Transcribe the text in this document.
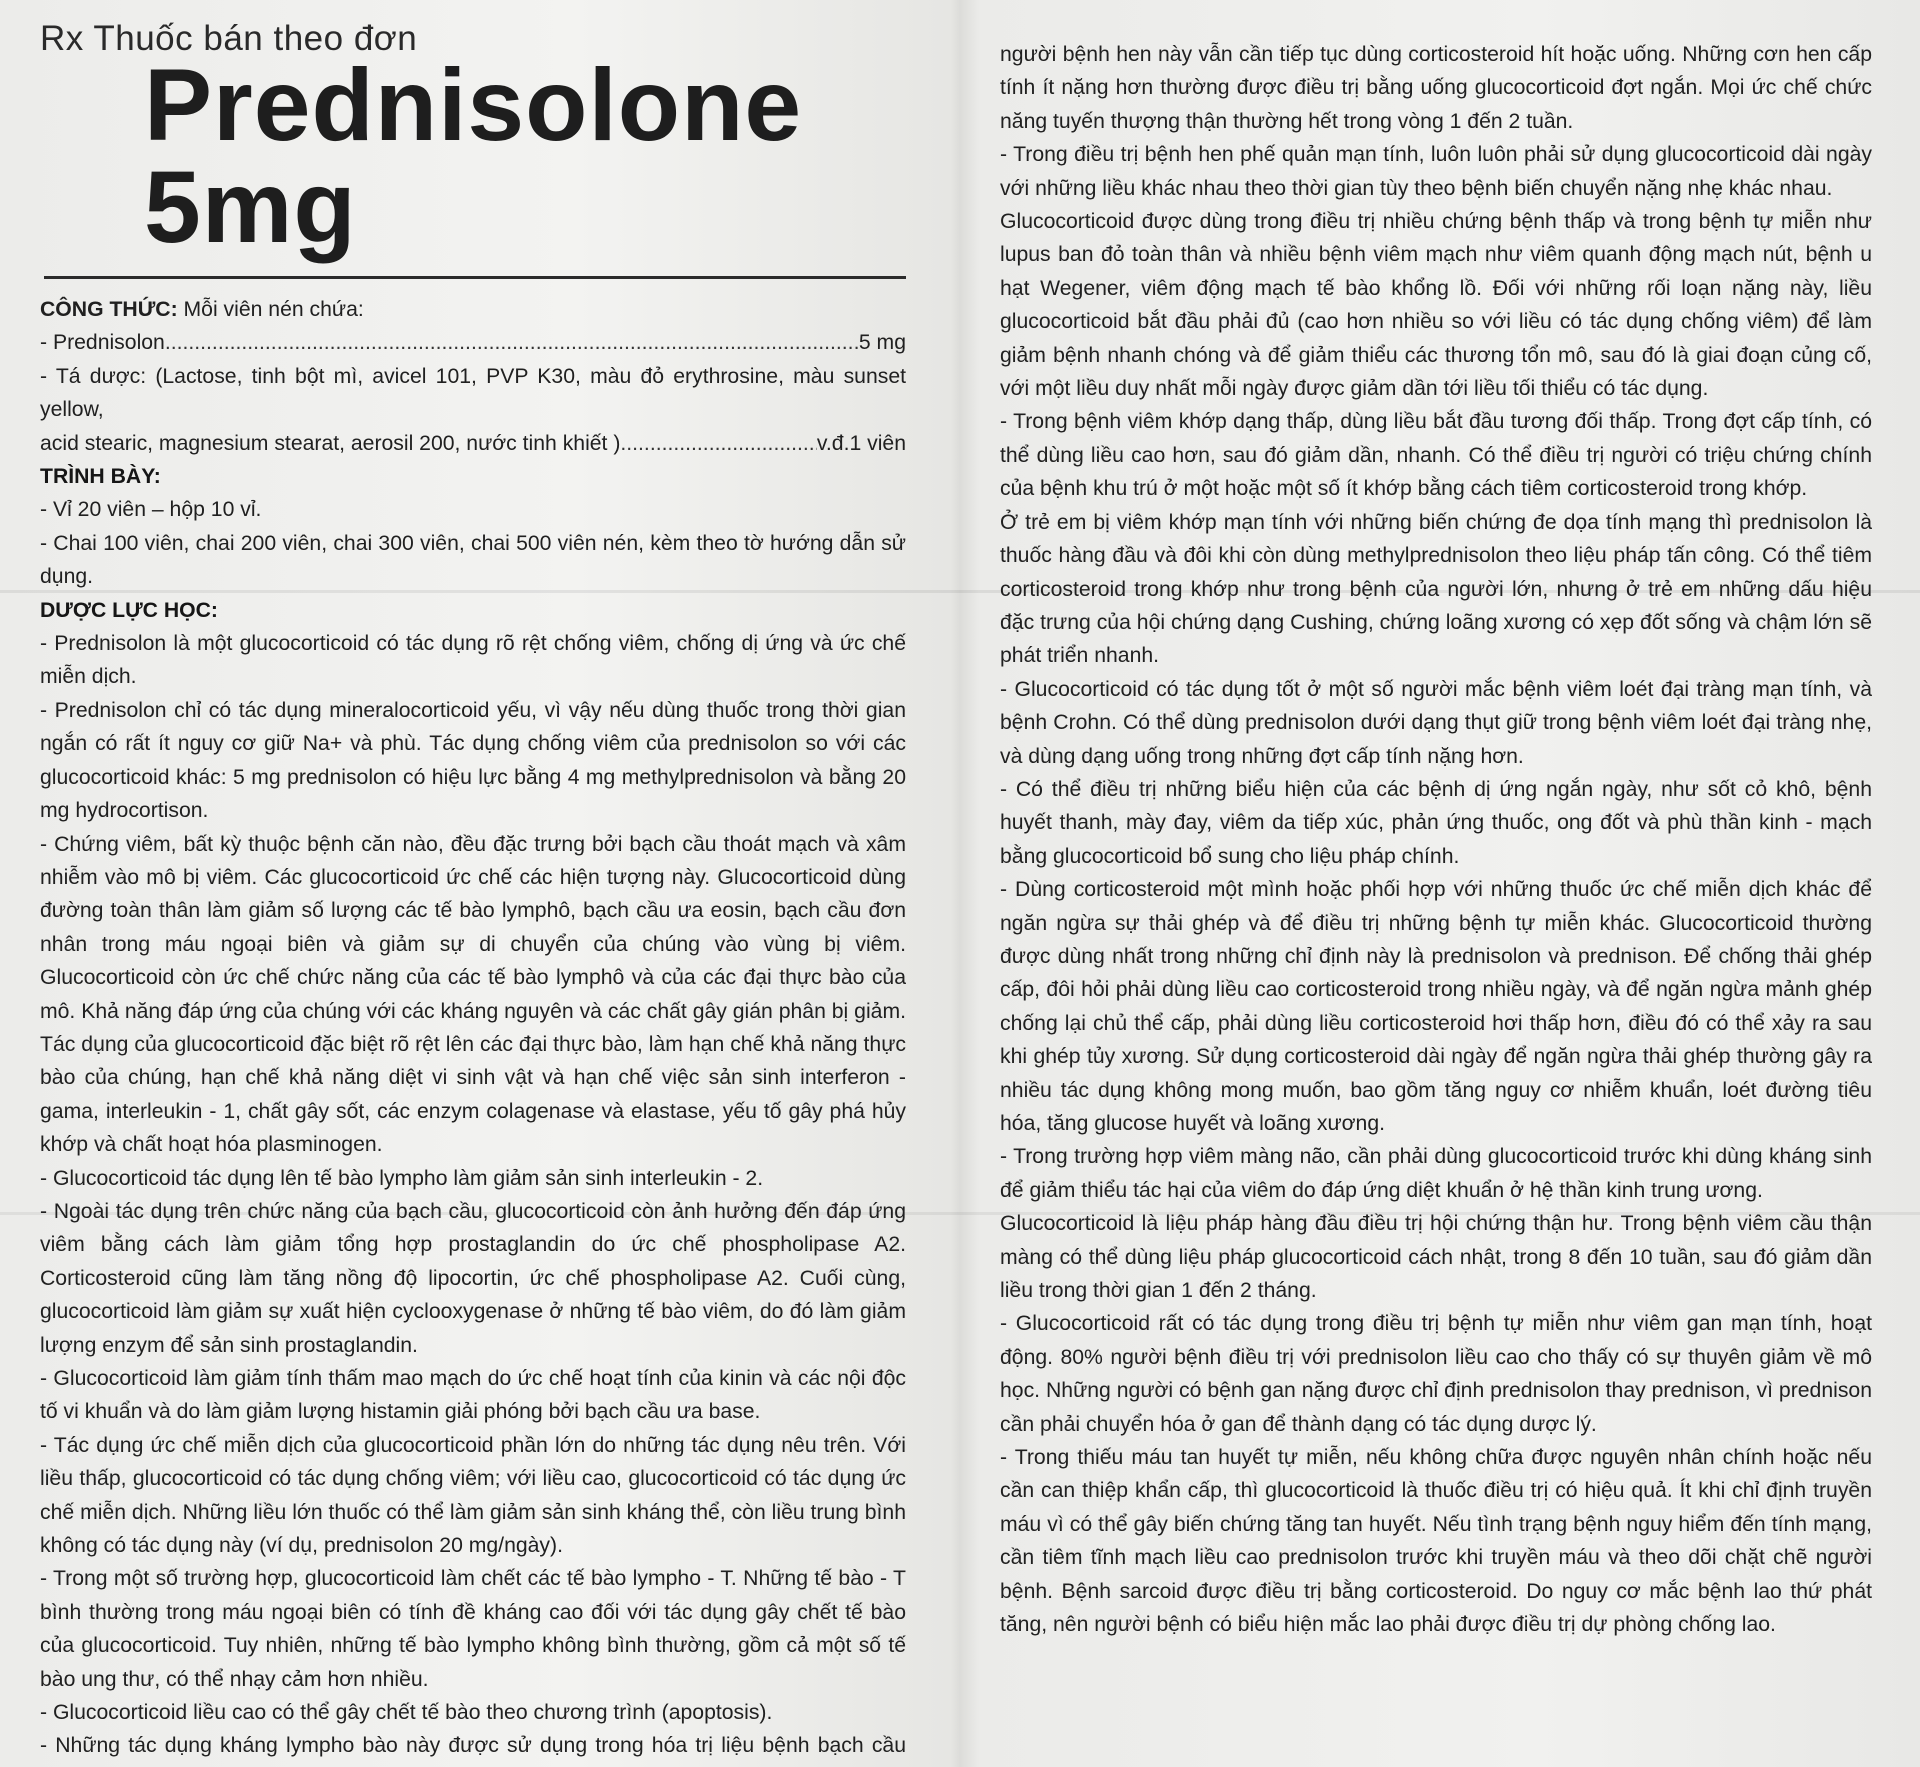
Rx Thuốc bán theo đơn
Prednisolone 5mg

CÔNG THỨC: Mỗi viên nén chứa:

- Prednisolon .....	5 mg

- Tá dược: (Lactose, tinh bột mì, avicel 101, PVP K30, màu đỏ erythrosine, màu sunset yellow,

acid stearic, magnesium stearat, aerosil 200, nước tinh khiết ) .....	v.đ.1 viên

TRÌNH BÀY:

- Vỉ 20 viên – hộp 10 vỉ.

- Chai 100 viên, chai 200 viên, chai 300 viên, chai 500 viên nén, kèm theo tờ hướng dẫn sử dụng.

DƯỢC LỰC HỌC:

- Prednisolon là một glucocorticoid có tác dụng rõ rệt chống viêm, chống dị ứng và ức chế miễn dịch.

- Prednisolon chỉ có tác dụng mineralocorticoid yếu, vì vậy nếu dùng thuốc trong thời gian ngắn có rất ít nguy cơ giữ Na+ và phù. Tác dụng chống viêm của prednisolon so với các glucocorticoid khác: 5 mg prednisolon có hiệu lực bằng 4 mg methylprednisolon và bằng 20 mg hydrocortison.

- Chứng viêm, bất kỳ thuộc bệnh căn nào, đều đặc trưng bởi bạch cầu thoát mạch và xâm nhiễm vào mô bị viêm. Các glucocorticoid ức chế các hiện tượng này. Glucocorticoid dùng đường toàn thân làm giảm số lượng các tế bào lymphô, bạch cầu ưa eosin, bạch cầu đơn nhân trong máu ngoại biên và giảm sự di chuyển của chúng vào vùng bị viêm. Glucocorticoid còn ức chế chức năng của các tế bào lymphô và của các đại thực bào của mô. Khả năng đáp ứng của chúng với các kháng nguyên và các chất gây gián phân bị giảm. Tác dụng của glucocorticoid đặc biệt rõ rệt lên các đại thực bào, làm hạn chế khả năng thực bào của chúng, hạn chế khả năng diệt vi sinh vật và hạn chế việc sản sinh interferon - gama, interleukin - 1, chất gây sốt, các enzym colagenase và elastase, yếu tố gây phá hủy khớp và chất hoạt hóa plasminogen.

- Glucocorticoid tác dụng lên tế bào lympho làm giảm sản sinh interleukin - 2.

- Ngoài tác dụng trên chức năng của bạch cầu, glucocorticoid còn ảnh hưởng đến đáp ứng viêm bằng cách làm giảm tổng hợp prostaglandin do ức chế phospholipase A2. Corticosteroid cũng làm tăng nồng độ lipocortin, ức chế phospholipase A2. Cuối cùng, glucocorticoid làm giảm sự xuất hiện cyclooxygenase ở những tế bào viêm, do đó làm giảm lượng enzym để sản sinh prostaglandin.

- Glucocorticoid làm giảm tính thấm mao mạch do ức chế hoạt tính của kinin và các nội độc tố vi khuẩn và do làm giảm lượng histamin giải phóng bởi bạch cầu ưa base.

- Tác dụng ức chế miễn dịch của glucocorticoid phần lớn do những tác dụng nêu trên. Với liều thấp, glucocorticoid có tác dụng chống viêm; với liều cao, glucocorticoid có tác dụng ức chế miễn dịch. Những liều lớn thuốc có thể làm giảm sản sinh kháng thể, còn liều trung bình không có tác dụng này (ví dụ, prednisolon 20 mg/ngày).

- Trong một số trường hợp, glucocorticoid làm chết các tế bào lympho - T. Những tế bào - T bình thường trong máu ngoại biên có tính đề kháng cao đối với tác dụng gây chết tế bào của glucocorticoid. Tuy nhiên, những tế bào lympho không bình thường, gồm cả một số tế bào ung thư, có thể nhạy cảm hơn nhiều.

- Glucocorticoid liều cao có thể gây chết tế bào theo chương trình (apoptosis).

- Những tác dụng kháng lympho bào này được sử dụng trong hóa trị liệu bệnh bạch cầu

người bệnh hen này vẫn cần tiếp tục dùng corticosteroid hít hoặc uống. Những cơn hen cấp tính ít nặng hơn thường được điều trị bằng uống glucocorticoid đợt ngắn. Mọi ức chế chức năng tuyến thượng thận thường hết trong vòng 1 đến 2 tuần.

- Trong điều trị bệnh hen phế quản mạn tính, luôn luôn phải sử dụng glucocorticoid dài ngày với những liều khác nhau theo thời gian tùy theo bệnh biến chuyển nặng nhẹ khác nhau.

Glucocorticoid được dùng trong điều trị nhiều chứng bệnh thấp và trong bệnh tự miễn như lupus ban đỏ toàn thân và nhiều bệnh viêm mạch như viêm quanh động mạch nút, bệnh u hạt Wegener, viêm động mạch tế bào khổng lồ. Đối với những rối loạn nặng này, liều glucocorticoid bắt đầu phải đủ (cao hơn nhiều so với liều có tác dụng chống viêm) để làm giảm bệnh nhanh chóng và để giảm thiểu các thương tổn mô, sau đó là giai đoạn củng cố, với một liều duy nhất mỗi ngày được giảm dần tới liều tối thiểu có tác dụng.

- Trong bệnh viêm khớp dạng thấp, dùng liều bắt đầu tương đối thấp. Trong đợt cấp tính, có thể dùng liều cao hơn, sau đó giảm dần, nhanh. Có thể điều trị người có triệu chứng chính của bệnh khu trú ở một hoặc một số ít khớp bằng cách tiêm corticosteroid trong khớp.

Ở trẻ em bị viêm khớp mạn tính với những biến chứng đe dọa tính mạng thì prednisolon là thuốc hàng đầu và đôi khi còn dùng methylprednisolon theo liệu pháp tấn công. Có thể tiêm corticosteroid trong khớp như trong bệnh của người lớn, nhưng ở trẻ em những dấu hiệu đặc trưng của hội chứng dạng Cushing, chứng loãng xương có xẹp đốt sống và chậm lớn sẽ phát triển nhanh.

- Glucocorticoid có tác dụng tốt ở một số người mắc bệnh viêm loét đại tràng mạn tính, và bệnh Crohn. Có thể dùng prednisolon dưới dạng thụt giữ trong bệnh viêm loét đại tràng nhẹ, và dùng dạng uống trong những đợt cấp tính nặng hơn.

- Có thể điều trị những biểu hiện của các bệnh dị ứng ngắn ngày, như sốt cỏ khô, bệnh huyết thanh, mày đay, viêm da tiếp xúc, phản ứng thuốc, ong đốt và phù thần kinh - mạch bằng glucocorticoid bổ sung cho liệu pháp chính.

- Dùng corticosteroid một mình hoặc phối hợp với những thuốc ức chế miễn dịch khác để ngăn ngừa sự thải ghép và để điều trị những bệnh tự miễn khác. Glucocorticoid thường được dùng nhất trong những chỉ định này là prednisolon và prednison. Để chống thải ghép cấp, đôi hỏi phải dùng liều cao corticosteroid trong nhiều ngày, và để ngăn ngừa mảnh ghép chống lại chủ thể cấp, phải dùng liều corticosteroid hơi thấp hơn, điều đó có thể xảy ra sau khi ghép tủy xương. Sử dụng corticosteroid dài ngày để ngăn ngừa thải ghép thường gây ra nhiều tác dụng không mong muốn, bao gồm tăng nguy cơ nhiễm khuẩn, loét đường tiêu hóa, tăng glucose huyết và loãng xương.

- Trong trường hợp viêm màng não, cần phải dùng glucocorticoid trước khi dùng kháng sinh để giảm thiểu tác hại của viêm do đáp ứng diệt khuẩn ở hệ thần kinh trung ương.

Glucocorticoid là liệu pháp hàng đầu điều trị hội chứng thận hư. Trong bệnh viêm cầu thận màng có thể dùng liệu pháp glucocorticoid cách nhật, trong 8 đến 10 tuần, sau đó giảm dần liều trong thời gian 1 đến 2 tháng.

- Glucocorticoid rất có tác dụng trong điều trị bệnh tự miễn như viêm gan mạn tính, hoạt động. 80% người bệnh điều trị với prednisolon liều cao cho thấy có sự thuyên giảm về mô học. Những người có bệnh gan nặng được chỉ định prednisolon thay prednison, vì prednison cần phải chuyển hóa ở gan để thành dạng có tác dụng dược lý.

- Trong thiếu máu tan huyết tự miễn, nếu không chữa được nguyên nhân chính hoặc nếu cần can thiệp khẩn cấp, thì glucocorticoid là thuốc điều trị có hiệu quả. Ít khi chỉ định truyền máu vì có thể gây biến chứng tăng tan huyết. Nếu tình trạng bệnh nguy hiểm đến tính mạng, cần tiêm tĩnh mạch liều cao prednisolon trước khi truyền máu và theo dõi chặt chẽ người bệnh. Bệnh sarcoid được điều trị bằng corticosteroid. Do nguy cơ mắc bệnh lao thứ phát tăng, nên người bệnh có biểu hiện mắc lao phải được điều trị dự phòng chống lao.
